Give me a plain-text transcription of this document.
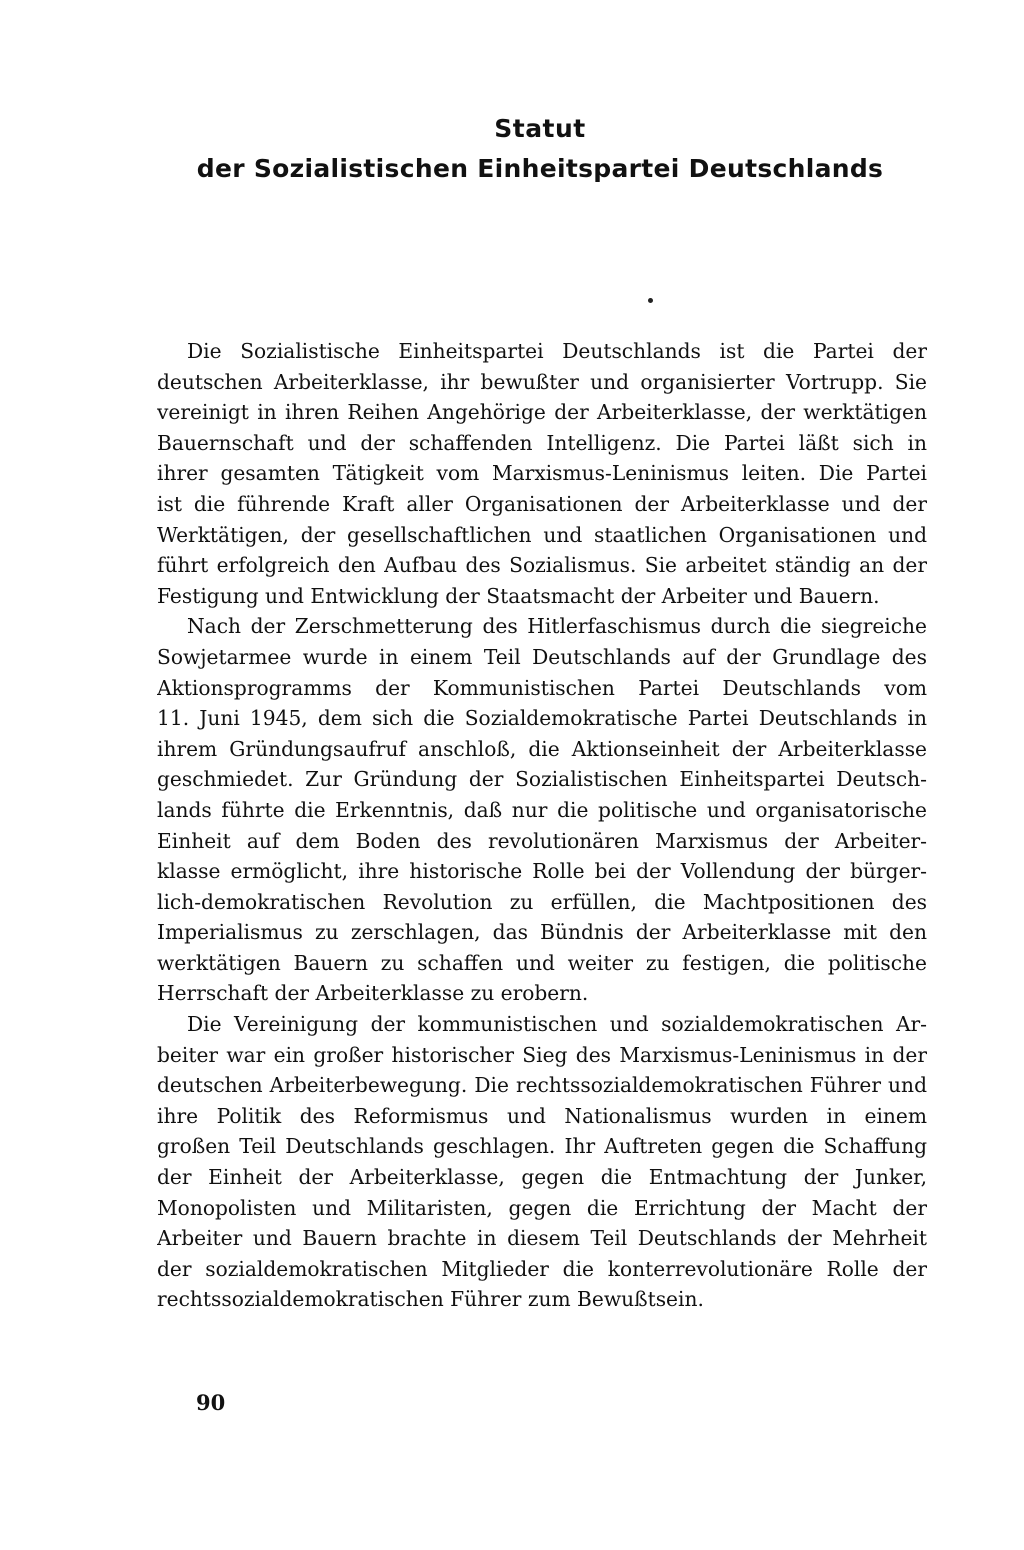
Statut
der Sozialistischen Einheitspartei Deutschlands
Die Sozialistische Einheitspartei Deutschlands ist die Partei der
deutschen Arbeiterklasse, ihr bewußter und organisierter Vortrupp. Sie
vereinigt in ihren Reihen Angehörige der Arbeiterklasse, der werktätigen
Bauernschaft und der schaffenden Intelligenz. Die Partei läßt sich in
ihrer gesamten Tätigkeit vom Marxismus-Leninismus leiten. Die Partei
ist die führende Kraft aller Organisationen der Arbeiterklasse und der
Werktätigen, der gesellschaftlichen und staatlichen Organisationen und
führt erfolgreich den Aufbau des Sozialismus. Sie arbeitet ständig an der
Festigung und Entwicklung der Staatsmacht der Arbeiter und Bauern.
Nach der Zerschmetterung des Hitlerfaschismus durch die siegreiche
Sowjetarmee wurde in einem Teil Deutschlands auf der Grundlage des
Aktionsprogramms der Kommunistischen Partei Deutschlands vom
11. Juni 1945, dem sich die Sozialdemokratische Partei Deutschlands in
ihrem Gründungsaufruf anschloß, die Aktionseinheit der Arbeiterklasse
geschmiedet. Zur Gründung der Sozialistischen Einheitspartei Deutsch-
lands führte die Erkenntnis, daß nur die politische und organisatorische
Einheit auf dem Boden des revolutionären Marxismus der Arbeiter-
klasse ermöglicht, ihre historische Rolle bei der Vollendung der bürger-
lich-demokratischen Revolution zu erfüllen, die Machtpositionen des
Imperialismus zu zerschlagen, das Bündnis der Arbeiterklasse mit den
werktätigen Bauern zu schaffen und weiter zu festigen, die politische
Herrschaft der Arbeiterklasse zu erobern.
Die Vereinigung der kommunistischen und sozialdemokratischen Ar-
beiter war ein großer historischer Sieg des Marxismus-Leninismus in der
deutschen Arbeiterbewegung. Die rechtssozialdemokratischen Führer und
ihre Politik des Reformismus und Nationalismus wurden in einem
großen Teil Deutschlands geschlagen. Ihr Auftreten gegen die Schaffung
der Einheit der Arbeiterklasse, gegen die Entmachtung der Junker,
Monopolisten und Militaristen, gegen die Errichtung der Macht der
Arbeiter und Bauern brachte in diesem Teil Deutschlands der Mehrheit
der sozialdemokratischen Mitglieder die konterrevolutionäre Rolle der
rechtssozialdemokratischen Führer zum Bewußtsein.
90
